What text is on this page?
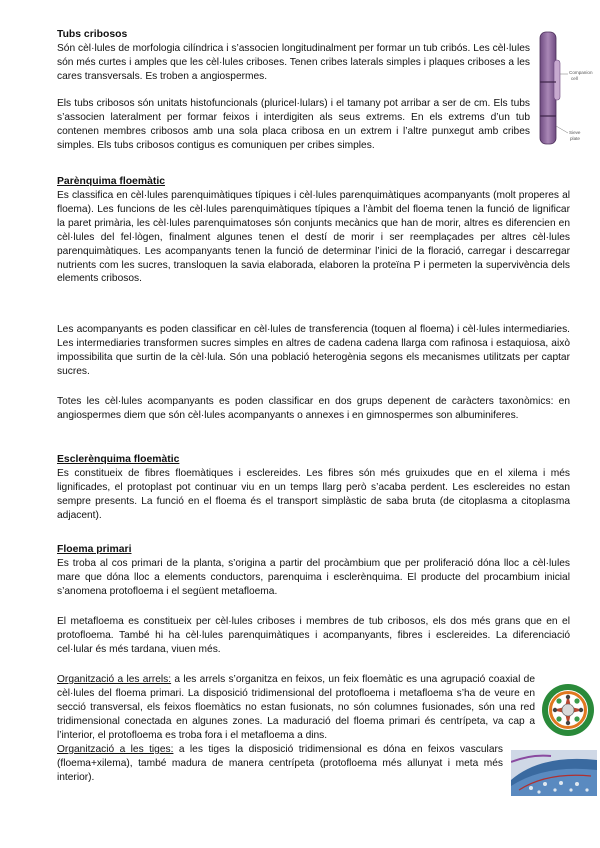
Tubs cribosos

Són cèl·lules de morfologia cilíndrica i s’associen longitudinalment per formar un tub cribós. Les cèl·lules són més curtes i amples que les cèl·lules criboses. Tenen cribes laterals simples i plaques criboses a les cares transversals. Es troben a angiospermes.

Els tubs cribosos són unitats histofuncionals (pluricel·lulars) i el tamany pot arribar a ser de cm. Els tubs s’associen lateralment per formar feixos i interdigiten als seus extrems. En els extrems d’un tub contenen membres cribosos amb una sola placa cribosa en un extrem i l’altre punxegut amb cribes simples. Els tubs cribosos contigus es comuniquen per cribes simples.

Companion
cell
Sieve
plate

Parènquima floemàtic

Es classifica en cèl·lules parenquimàtiques típiques i cèl·lules parenquimàtiques acompanyants (molt properes al floema). Les funcions de les cèl·lules parenquimàtiques típiques a l’àmbit del floema tenen la funció de lignificar la paret primària, les cèl·lules parenquimatoses són conjunts mecànics que han de morir, altres es diferencien en cèl·lules del fel·lògen, finalment algunes tenen el destí de morir i ser reemplaçades per altres cèl·lules parenquimàtiques. Les acompanyants tenen la funció de determinar l’inici de la floració, carregar i descarregar nutrients com les sucres, transloquen la savia elaborada, elaboren la proteïna P i permeten la supervivència dels elements cribosos.

Les acompanyants es poden classificar en cèl·lules de transferencia (toquen al floema) i cèl·lules intermediaries. Les intermediaries transformen sucres simples en altres de cadena cadena llarga com rafinosa i estaquiosa, això impossibilita que surtin de la cèl·lula. Són una població heterogènia segons els mecanismes utilitzats per captar sucres.

Totes les cèl·lules acompanyants es poden classificar en dos grups depenent de caràcters taxonòmics: en angiospermes diem que són cèl·lules acompanyants o annexes i en gimnospermes son albuminiferes.

Esclerènquima floemàtic

Es constitueix de fibres floemàtiques i esclereides. Les fibres són més gruixudes que en el xilema i més lignificades, el protoplast pot continuar viu en un temps llarg però s’acaba perdent. Les esclereides no estan sempre presents. La funció en el floema és el transport simplàstic de saba bruta (de citoplasma a citoplasma adjacent).

Floema primari

Es troba al cos primari de la planta, s’origina a partir del procàmbium que per proliferació dóna lloc a cèl·lules mare que dóna lloc a elements conductors, parenquima i esclerènquima. El producte del procambium inicial s’anomena protofloema i el següent metafloema.

El metafloema es constitueix per cèl·lules criboses i membres de tub cribosos, els dos més grans que en el protofloema. També hi ha cèl·lules parenquimàtiques i acompanyants, fibres i esclereides. La diferenciació cel·lular és més tardana, viuen més.

Organització a les arrels: a les arrels s’organitza en feixos, un feix floemàtic es una agrupació coaxial de cèl·lules del floema primari. La disposició tridimensional del protofloema i metafloema s’ha de veure en secció transversal, els feixos floemàtics no estan fusionats, no són columnes fusionades, són una red tridimensional conectada en algunes zones. La maduració del floema primari és centrípeta, va cap a l’interior, el protofloema es troba fora i el metafloema a dins.

Organització a les tiges: a les tiges la disposició tridimensional es dóna en feixos vasculars (floema+xilema), també madura de manera centrípeta (protofloema més allunyat i meta més interior).
